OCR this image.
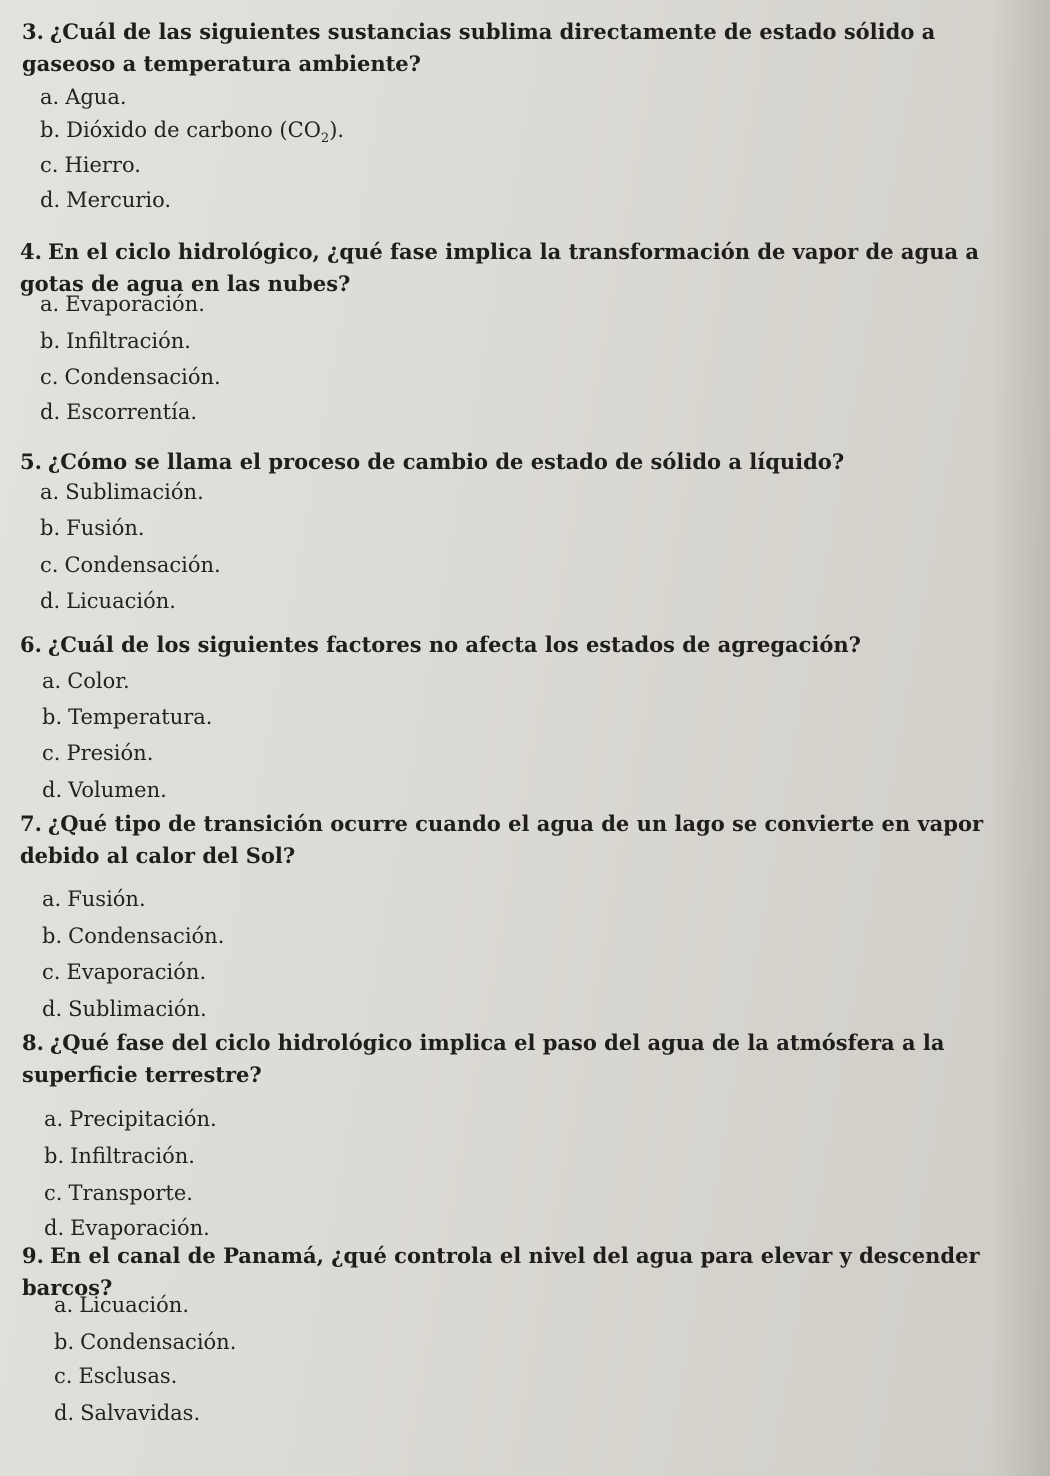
3. ¿Cuál de las siguientes sustancias sublima directamente de estado sólido a gaseoso a temperatura ambiente?
a. Agua.
b. Dióxido de carbono $(CO_2)$.
c. Hierro.
d. Mercurio.
4. En el ciclo hidrológico, ¿qué fase implica la transformación de vapor de agua a gotas de agua en las nubes?
a. Evaporación.
b. Infiltración.
c. Condensación.
d. Escorrentía.
5. ¿Cómo se llama el proceso de cambio de estado de sólido a líquido?
a. Sublimación.
b. Fusión.
c. Condensación.
d. Licuación.
6. ¿Cuál de los siguientes factores no afecta los estados de agregación?
a. Color.
b. Temperatura.
c. Presión.
d. Volumen.
7. ¿Qué tipo de transición ocurre cuando el agua de un lago se convierte en vapor debido al calor del Sol?
a. Fusión.
b. Condensación.
c. Evaporación.
d. Sublimación.
8. ¿Qué fase del ciclo hidrológico implica el paso del agua de la atmósfera a la superficie terrestre?
a. Precipitación.
b. Infiltración.
c. Transporte.
d. Evaporación.
9. En el canal de Panamá, ¿qué controla el nivel del agua para elevar y descender barcos?
a. Licuación.
b. Condensación.
c. Esclusas.
d. Salvavidas.
